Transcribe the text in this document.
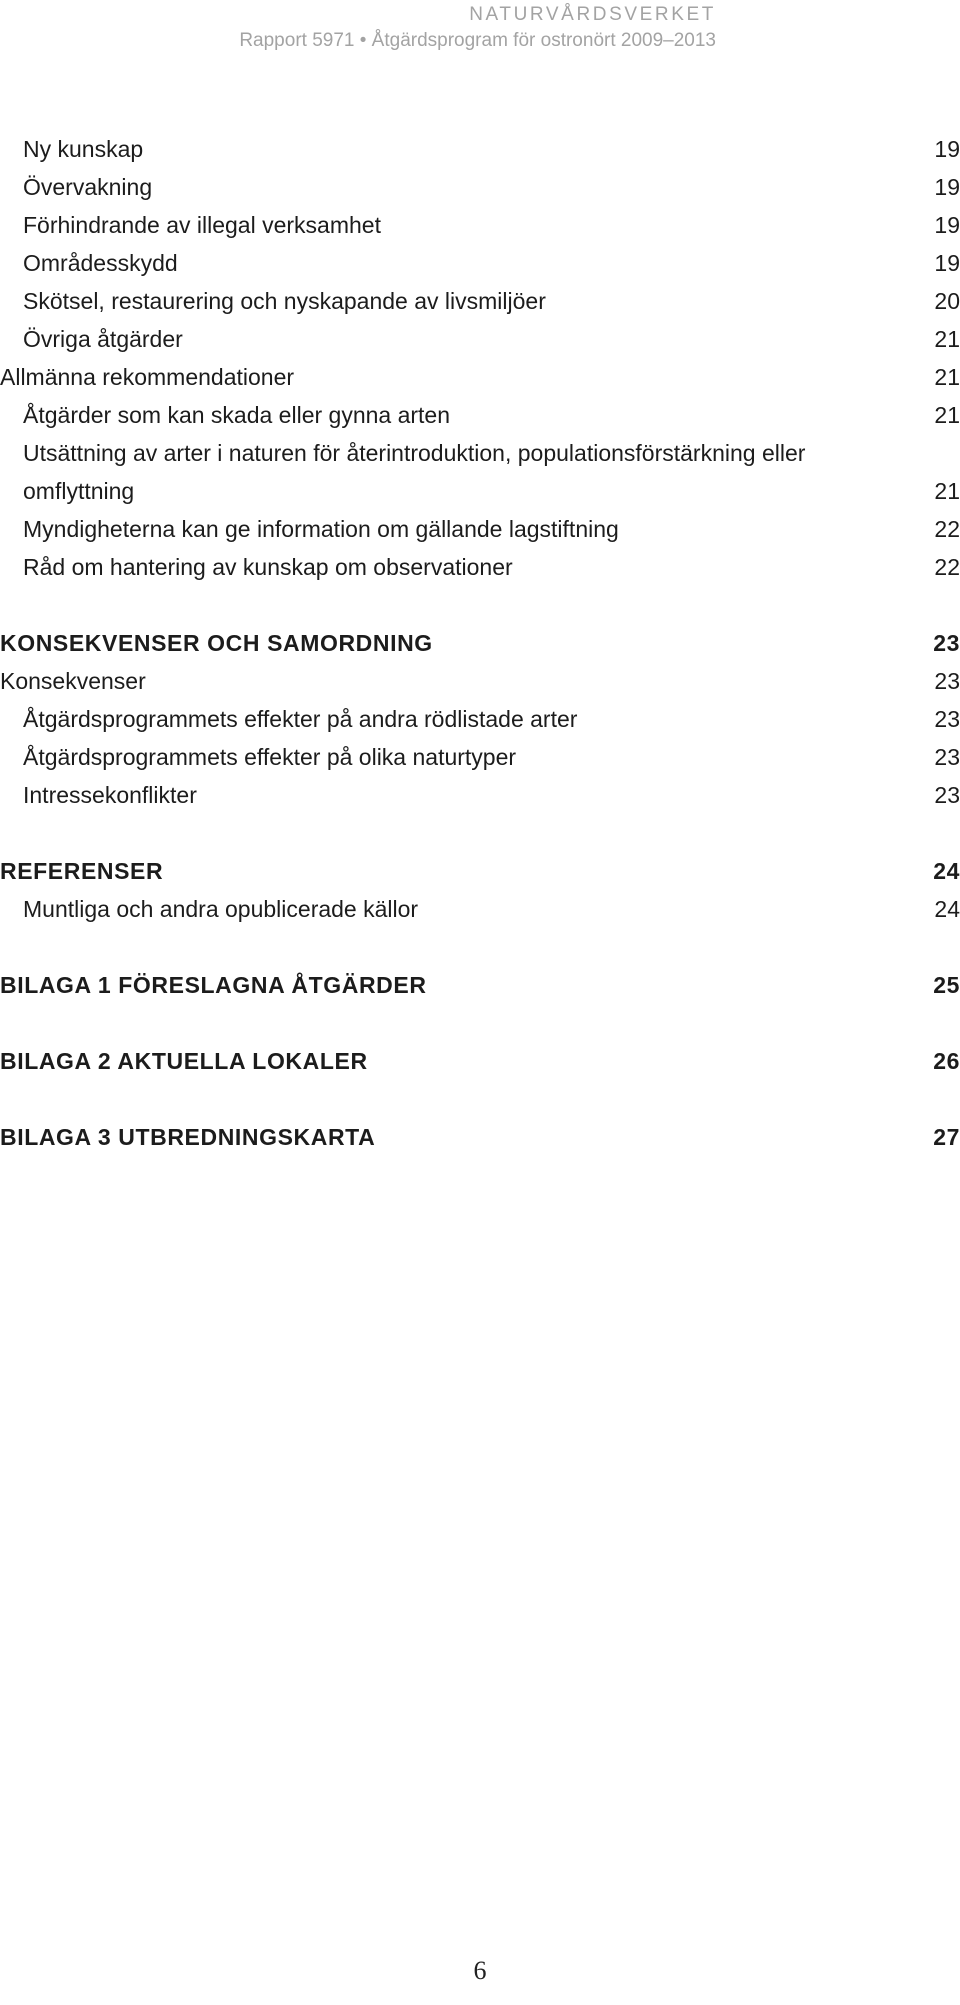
NATURVÅRDSVERKET
Rapport 5971 • Åtgärdsprogram för ostronört 2009–2013
Ny kunskap	19
Övervakning	19
Förhindrande av illegal verksamhet	19
Områdesskydd	19
Skötsel, restaurering och nyskapande av livsmiljöer	20
Övriga åtgärder	21
Allmänna rekommendationer	21
Åtgärder som kan skada eller gynna arten	21
Utsättning av arter i naturen för återintroduktion, populationsförstärkning eller omflyttning	21
Myndigheterna kan ge information om gällande lagstiftning	22
Råd om hantering av kunskap om observationer	22
KONSEKVENSER OCH SAMORDNING	23
Konsekvenser	23
Åtgärdsprogrammets effekter på andra rödlistade arter	23
Åtgärdsprogrammets effekter på olika naturtyper	23
Intressekonflikter	23
REFERENSER	24
Muntliga och andra opublicerade källor	24
BILAGA 1 FÖRESLAGNA ÅTGÄRDER	25
BILAGA 2 AKTUELLA LOKALER	26
BILAGA 3 UTBREDNINGSKARTA	27
6
